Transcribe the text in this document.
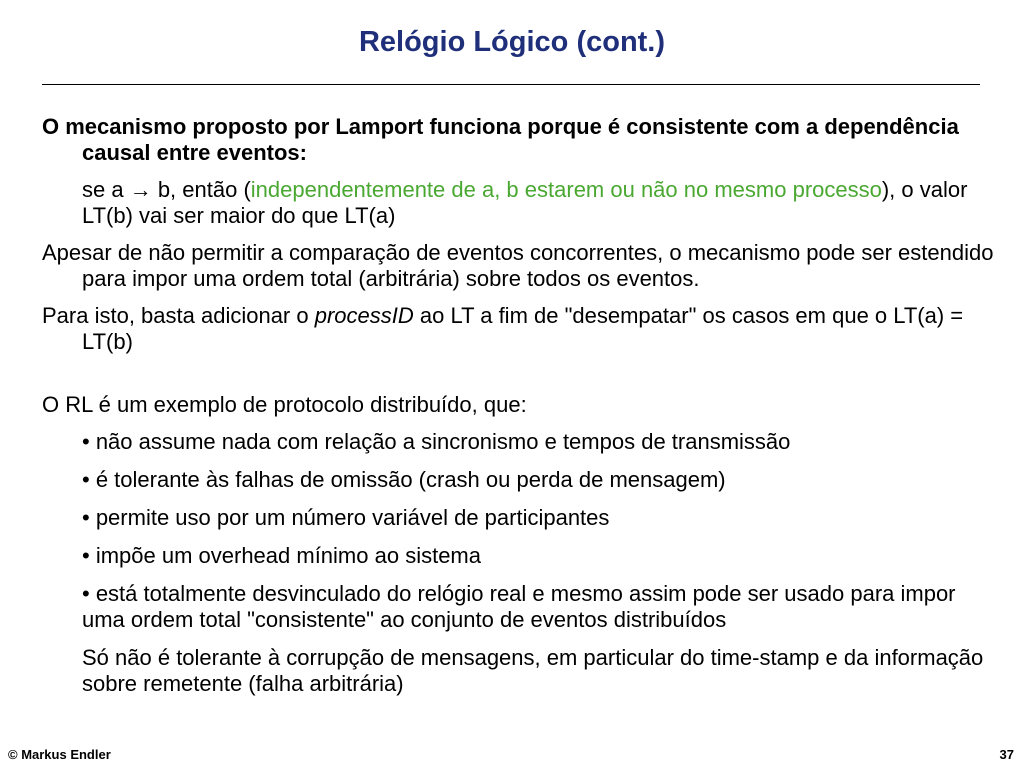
Relógio Lógico (cont.)

O mecanismo proposto por Lamport funciona porque é consistente com a dependência causal entre eventos:

se a → b, então (independentemente de a, b estarem ou não no mesmo processo), o valor LT(b) vai ser maior do que LT(a)

Apesar de não permitir a comparação de eventos concorrentes, o mecanismo pode ser estendido para impor uma ordem total (arbitrária) sobre todos os eventos.

Para isto, basta adicionar o processID ao LT a fim de "desempatar" os casos em que o LT(a) = LT(b)

O RL é um exemplo de protocolo distribuído, que:

• não assume nada com relação a sincronismo e tempos de transmissão

• é tolerante às falhas de omissão (crash ou perda de mensagem)

• permite uso por um número variável de participantes

• impõe um overhead mínimo ao sistema

• está totalmente desvinculado do relógio real e mesmo assim pode ser usado para impor uma ordem total "consistente" ao conjunto de eventos distribuídos

Só não é tolerante à corrupção de mensagens, em particular do time-stamp e da informação sobre remetente (falha arbitrária)

© Markus Endler	37
